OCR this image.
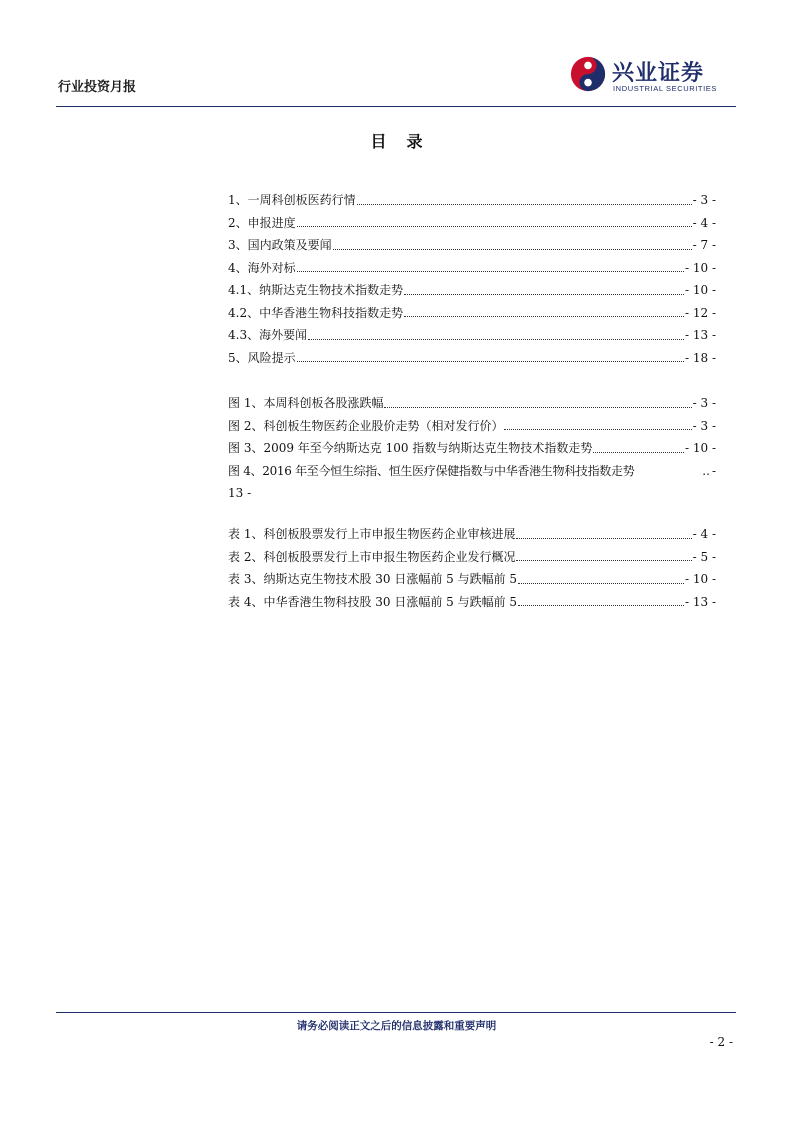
行业投资月报
兴业证券
INDUSTRIAL SECURITIES
目录
1、一周科创板医药行情	- 3 -
2、申报进度	- 4 -
3、国内政策及要闻	- 7 -
4、海外对标	- 10 -
4.1、纳斯达克生物技术指数走势	- 10 -
4.2、中华香港生物科技指数走势	- 12 -
4.3、海外要闻	- 13 -
5、风险提示	- 18 -
图 1、本周科创板各股涨跌幅	- 3 -
图 2、科创板生物医药企业股价走势（相对发行价）	- 3 -
图 3、2009 年至今纳斯达克 100 指数与纳斯达克生物技术指数走势	- 10 -
图 4、2016 年至今恒生综指、恒生医疗保健指数与中华香港生物科技指数走势	.. -
13 -
表 1、科创板股票发行上市申报生物医药企业审核进展	- 4 -
表 2、科创板股票发行上市申报生物医药企业发行概况	- 5 -
表 3、纳斯达克生物技术股 30 日涨幅前 5 与跌幅前 5	- 10 -
表 4、中华香港生物科技股 30 日涨幅前 5 与跌幅前 5	- 13 -
请务必阅读正文之后的信息披露和重要声明
- 2 -
